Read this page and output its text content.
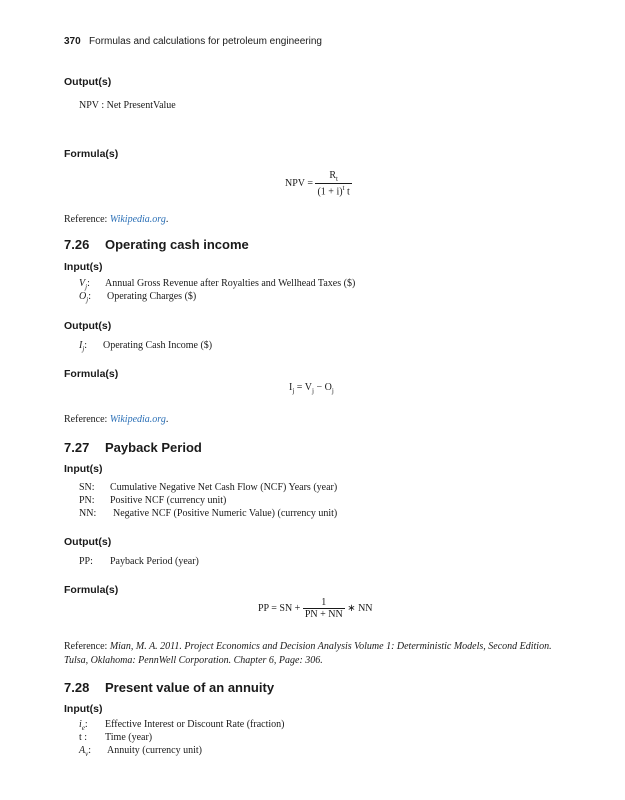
370 Formulas and calculations for petroleum engineering
Output(s)
NPV : Net PresentValue
Formula(s)
NPV = $\frac{R_t}{(1 + i)^t t}$
Reference: Wikipedia.org.
7.26 Operating cash income
Input(s)
$V_j$: Annual Gross Revenue after Royalties and Wellhead Taxes ($)
$O_j$: Operating Charges ($)
Output(s)
$I_j$: Operating Cash Income ($)
Formula(s)
$I_j = V_j - O_j$
Reference: Wikipedia.org.
7.27 Payback Period
Input(s)
SN: Cumulative Negative Net Cash Flow (NCF) Years (year)
PN: Positive NCF (currency unit)
NN: Negative NCF (Positive Numeric Value) (currency unit)
Output(s)
PP: Payback Period (year)
Formula(s)
PP = SN + $\frac{1}{PN + NN}$ ∗ NN
Reference: Mian, M. A. 2011. Project Economics and Decision Analysis Volume 1: Deterministic Models, Second Edition. Tulsa, Oklahoma: PennWell Corporation. Chapter 6, Page: 306.
7.28 Present value of an annuity
Input(s)
$i_e$: Effective Interest or Discount Rate (fraction)
t : Time (year)
$A_v$: Annuity (currency unit)
